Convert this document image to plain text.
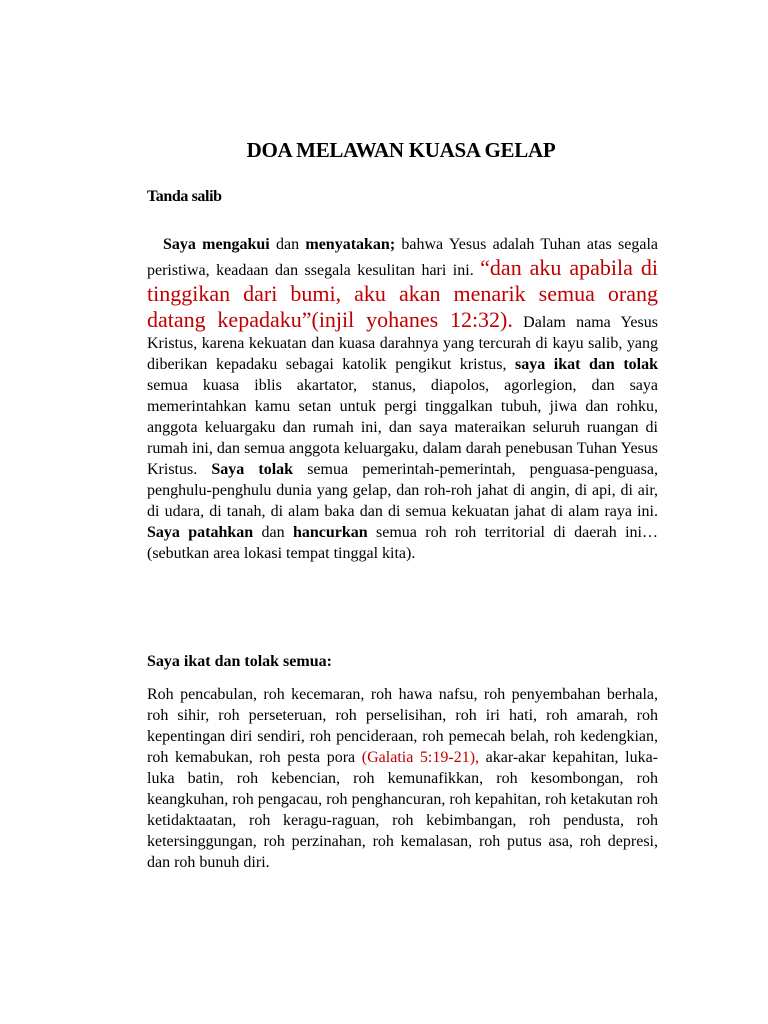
DOA MELAWAN KUASA GELAP
Tanda salib
Saya mengakui dan menyatakan; bahwa Yesus adalah Tuhan atas segala peristiwa, keadaan dan ssegala kesulitan hari ini. “dan aku apabila di tinggikan dari bumi, aku akan menarik semua orang datang kepadaku”(injil yohanes 12:32). Dalam nama Yesus Kristus, karena kekuatan dan kuasa darahnya yang tercurah di kayu salib, yang diberikan kepadaku sebagai katolik pengikut kristus, saya ikat dan tolak semua kuasa iblis akartator, stanus, diapolos, agorlegion, dan saya memerintahkan kamu setan untuk pergi tinggalkan tubuh, jiwa dan rohku, anggota keluargaku dan rumah ini, dan saya materaikan seluruh ruangan di rumah ini, dan semua anggota keluargaku, dalam darah penebusan Tuhan Yesus Kristus. Saya tolak semua pemerintah-pemerintah, penguasa-penguasa, penghulu-penghulu dunia yang gelap, dan roh-roh jahat di angin, di api, di air, di udara, di tanah, di alam baka dan di semua kekuatan jahat di alam raya ini. Saya patahkan dan hancurkan semua roh roh territorial di daerah ini… (sebutkan area lokasi tempat tinggal kita).
Saya ikat dan tolak semua:
Roh pencabulan, roh kecemaran, roh hawa nafsu, roh penyembahan berhala, roh sihir, roh perseteruan, roh perselisihan, roh iri hati, roh amarah, roh kepentingan diri sendiri, roh pencideraan, roh pemecah belah, roh kedengkian, roh kemabukan, roh pesta pora (Galatia 5:19-21), akar-akar kepahitan, luka-luka batin, roh kebencian, roh kemunafikkan, roh kesombongan, roh keangkuhan, roh pengacau, roh penghancuran, roh kepahitan, roh ketakutan roh ketidaktaatan, roh keragu-raguan, roh kebimbangan, roh pendusta, roh ketersinggungan, roh perzinahan, roh kemalasan, roh putus asa, roh depresi, dan roh bunuh diri.
